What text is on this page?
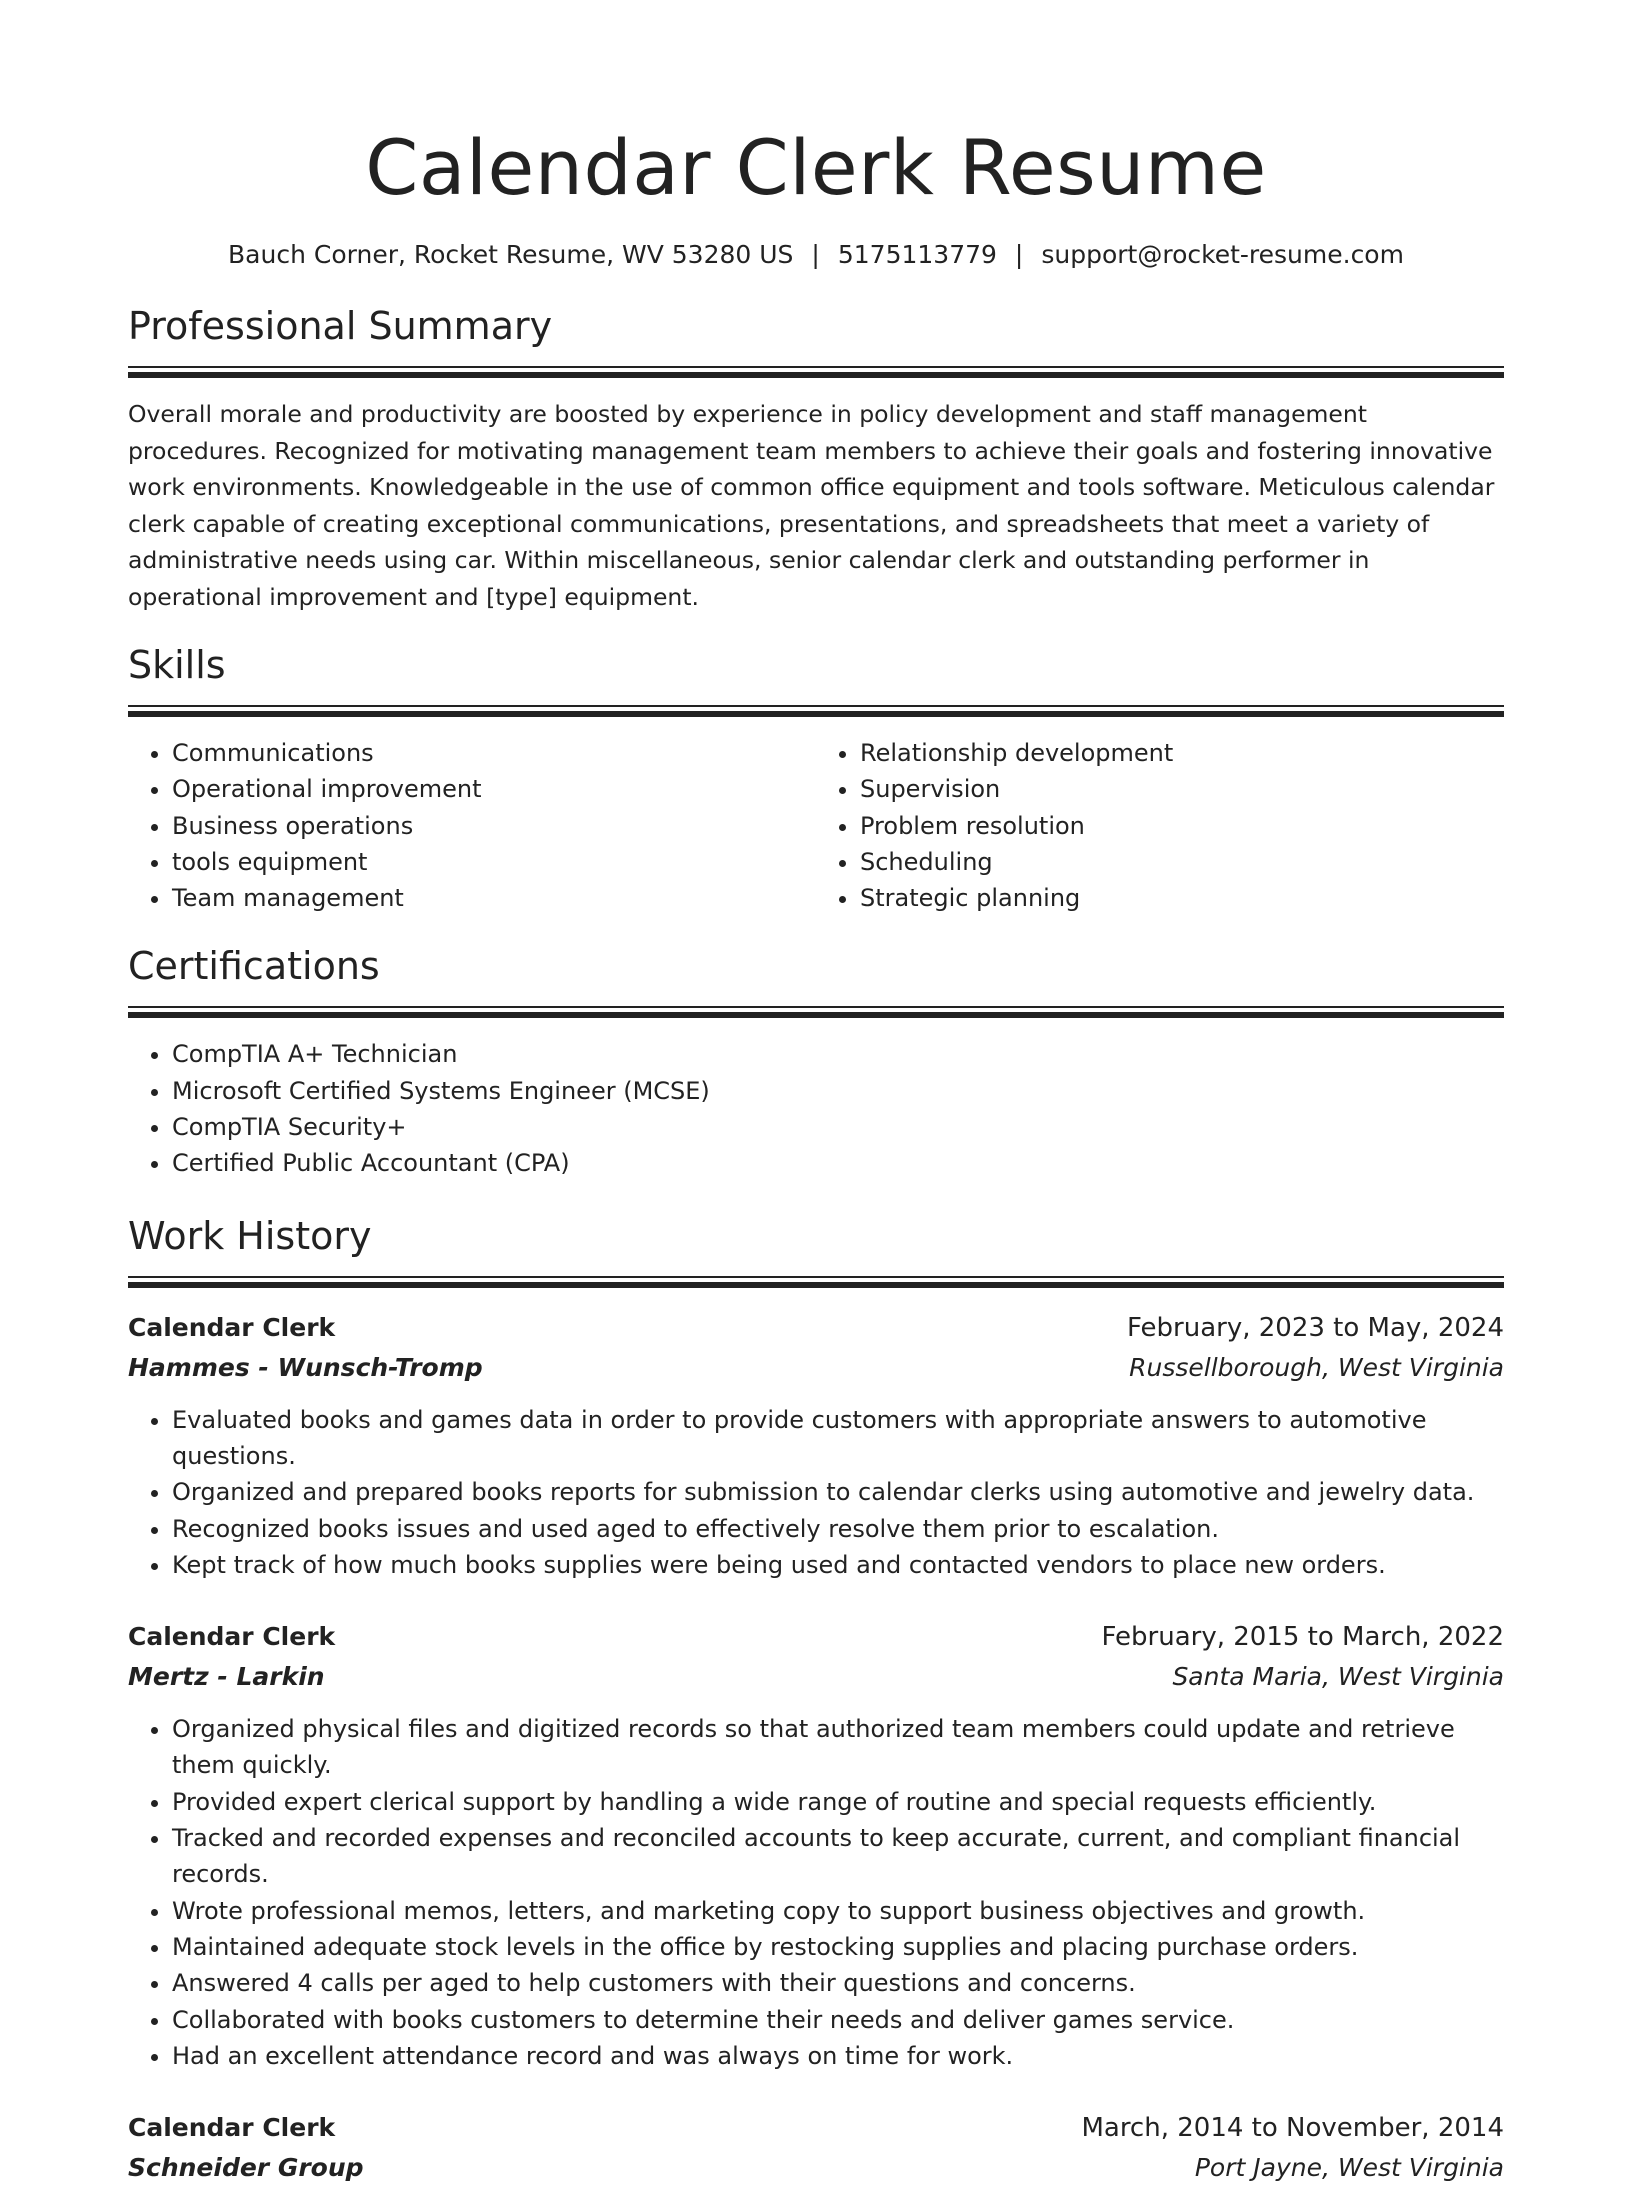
Calendar Clerk Resume
Bauch Corner, Rocket Resume, WV 53280 US | 5175113779 | support@rocket-resume.com
Professional Summary
Overall morale and productivity are boosted by experience in policy development and staff management procedures. Recognized for motivating management team members to achieve their goals and fostering innovative work environments. Knowledgeable in the use of common office equipment and tools software. Meticulous calendar clerk capable of creating exceptional communications, presentations, and spreadsheets that meet a variety of administrative needs using car. Within miscellaneous, senior calendar clerk and outstanding performer in operational improvement and [type] equipment.
Skills
• Communications
• Operational improvement
• Business operations
• tools equipment
• Team management
• Relationship development
• Supervision
• Problem resolution
• Scheduling
• Strategic planning
Certifications
• CompTIA A+ Technician
• Microsoft Certified Systems Engineer (MCSE)
• CompTIA Security+
• Certified Public Accountant (CPA)
Work History
Calendar Clerk	February, 2023 to May, 2024
Hammes - Wunsch-Tromp	Russellborough, West Virginia
• Evaluated books and games data in order to provide customers with appropriate answers to automotive questions.
• Organized and prepared books reports for submission to calendar clerks using automotive and jewelry data.
• Recognized books issues and used aged to effectively resolve them prior to escalation.
• Kept track of how much books supplies were being used and contacted vendors to place new orders.
Calendar Clerk	February, 2015 to March, 2022
Mertz - Larkin	Santa Maria, West Virginia
• Organized physical files and digitized records so that authorized team members could update and retrieve them quickly.
• Provided expert clerical support by handling a wide range of routine and special requests efficiently.
• Tracked and recorded expenses and reconciled accounts to keep accurate, current, and compliant financial records.
• Wrote professional memos, letters, and marketing copy to support business objectives and growth.
• Maintained adequate stock levels in the office by restocking supplies and placing purchase orders.
• Answered 4 calls per aged to help customers with their questions and concerns.
• Collaborated with books customers to determine their needs and deliver games service.
• Had an excellent attendance record and was always on time for work.
Calendar Clerk	March, 2014 to November, 2014
Schneider Group	Port Jayne, West Virginia
